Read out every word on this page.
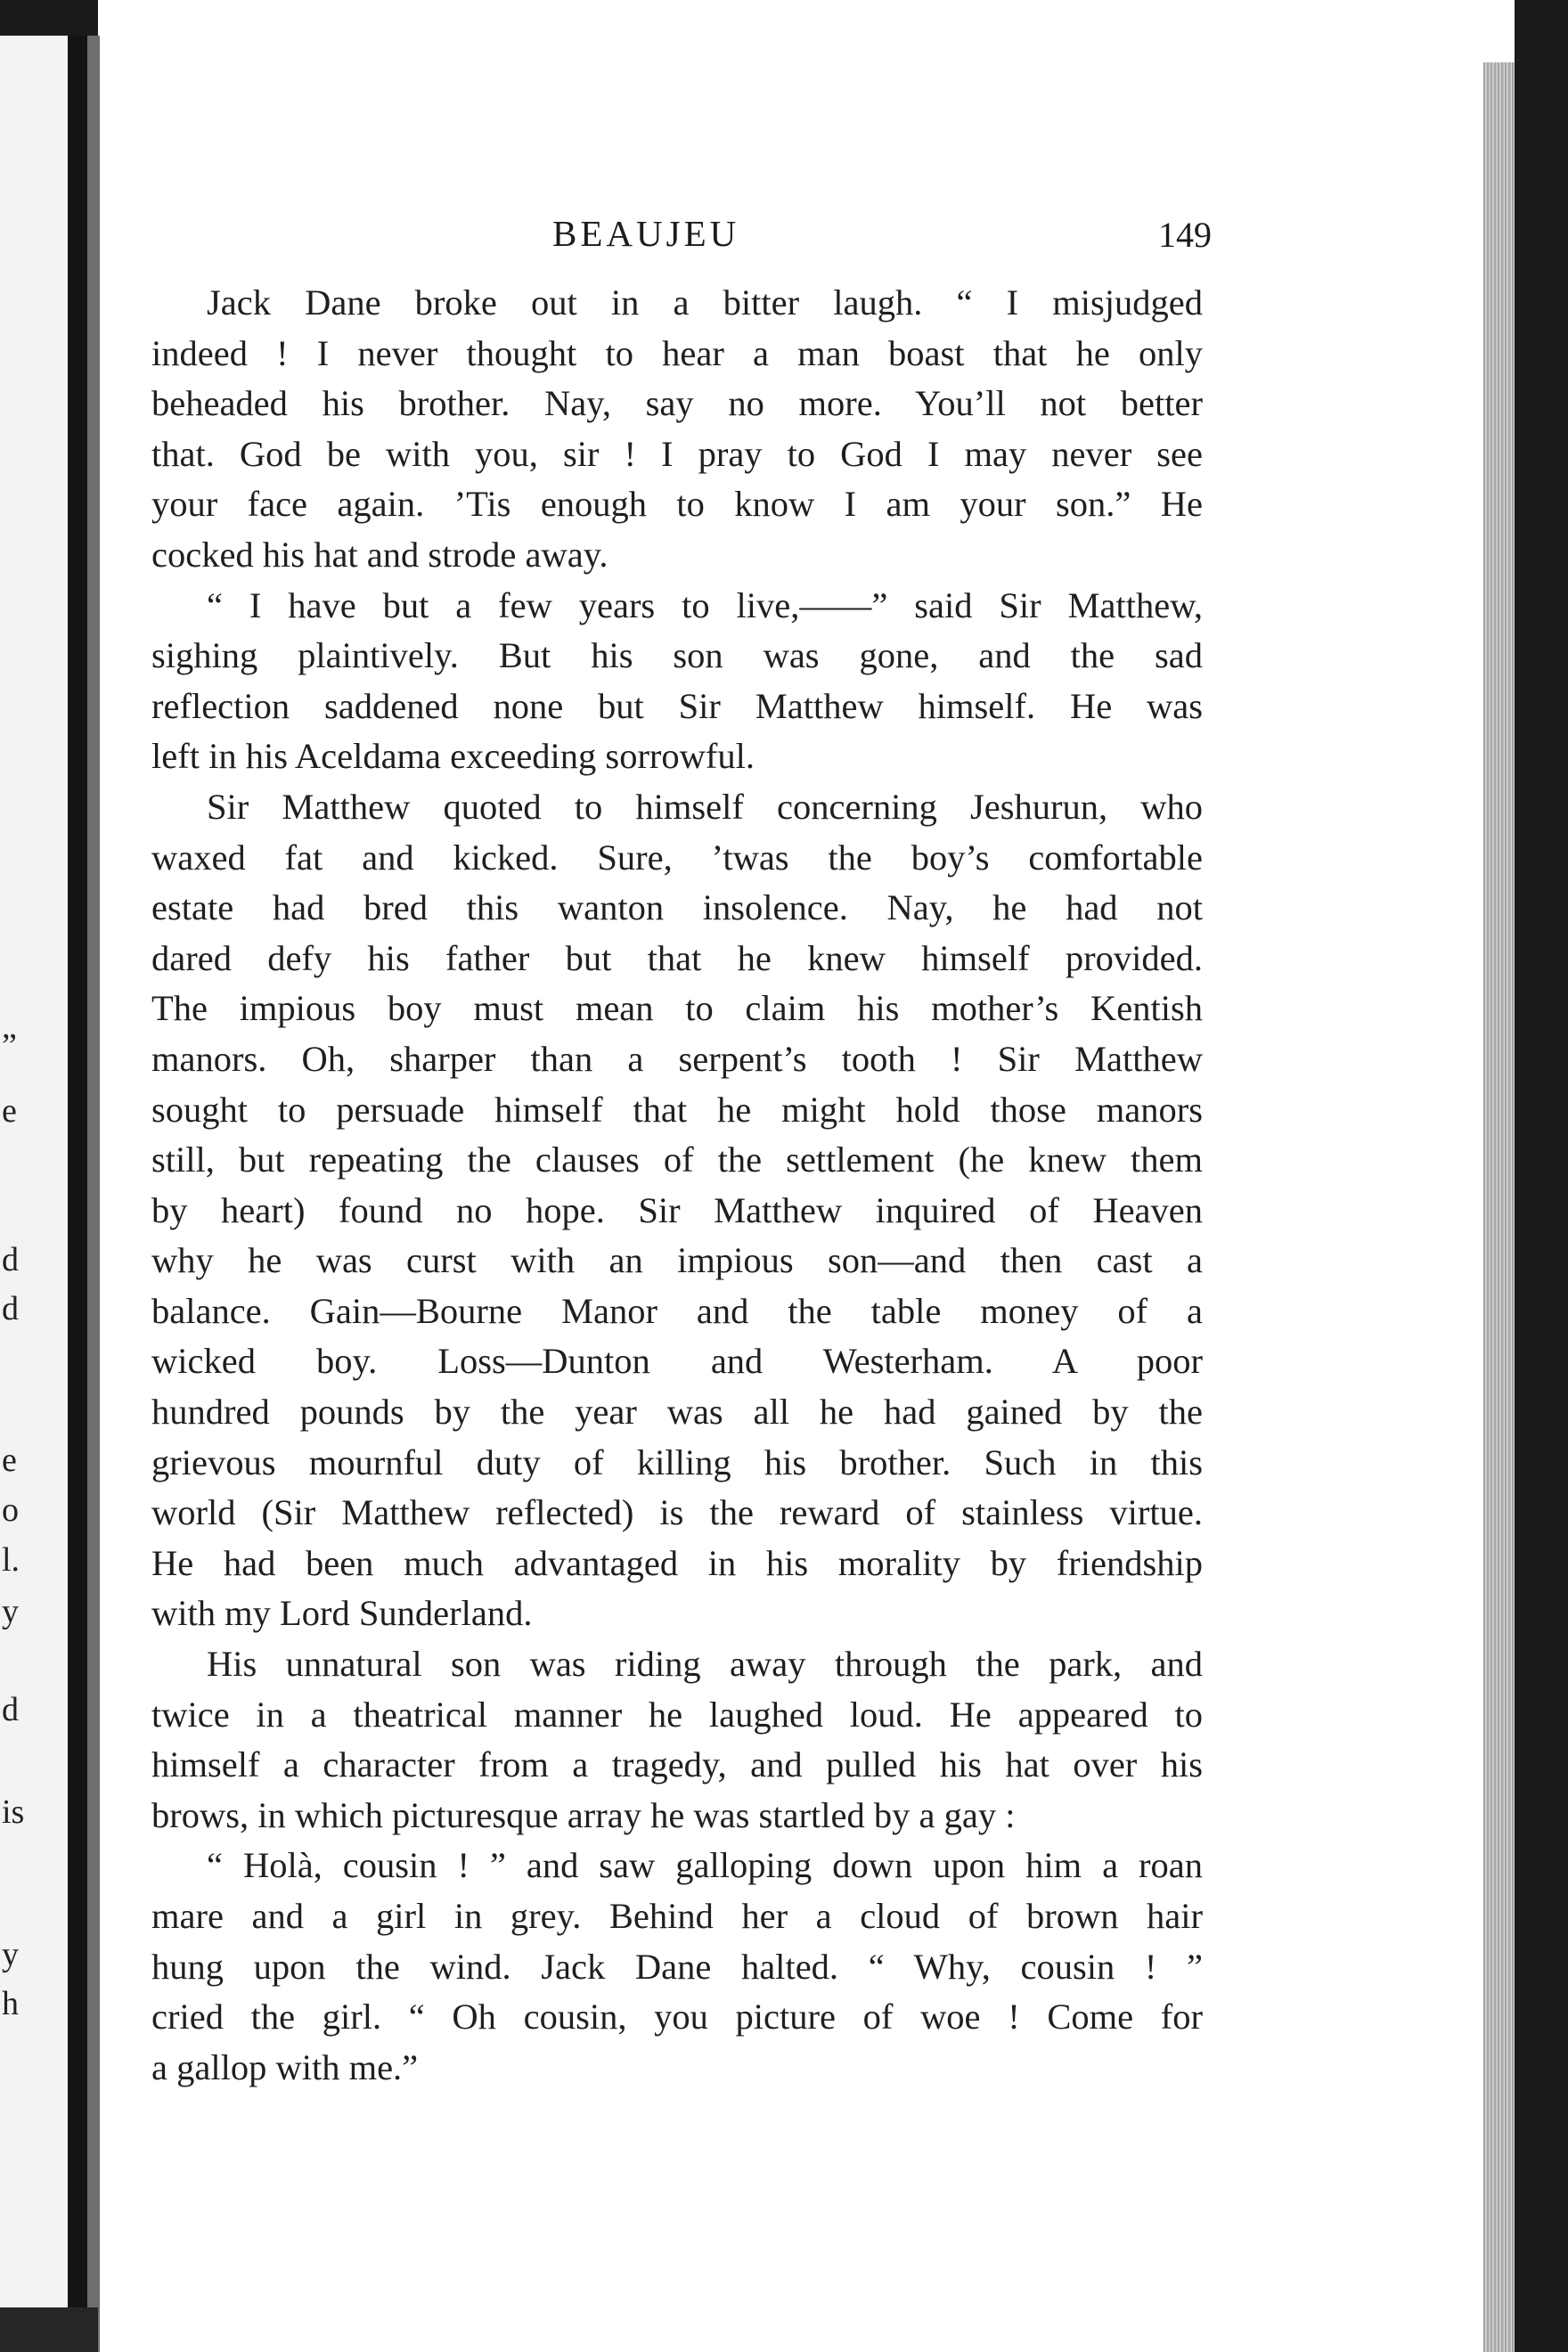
”
e
d
d
e
o
l.
y
d
is
y
h
BEAUJEU	149
Jack Dane broke out in a bitter laugh. “ I misjudged
indeed ! I never thought to hear a man boast that he only
beheaded his brother. Nay, say no more. You’ll not better
that. God be with you, sir ! I pray to God I may never see
your face again. ’Tis enough to know I am your son.” He
cocked his hat and strode away.
“ I have but a few years to live,——” said Sir Matthew,
sighing plaintively. But his son was gone, and the sad
reflection saddened none but Sir Matthew himself. He was
left in his Aceldama exceeding sorrowful.
Sir Matthew quoted to himself concerning Jeshurun, who
waxed fat and kicked. Sure, ’twas the boy’s comfortable
estate had bred this wanton insolence. Nay, he had not
dared defy his father but that he knew himself provided.
The impious boy must mean to claim his mother’s Kentish
manors. Oh, sharper than a serpent’s tooth ! Sir Matthew
sought to persuade himself that he might hold those manors
still, but repeating the clauses of the settlement (he knew them
by heart) found no hope. Sir Matthew inquired of Heaven
why he was curst with an impious son—and then cast a
balance. Gain—Bourne Manor and the table money of a
wicked boy. Loss—Dunton and Westerham. A poor
hundred pounds by the year was all he had gained by the
grievous mournful duty of killing his brother. Such in this
world (Sir Matthew reflected) is the reward of stainless virtue.
He had been much advantaged in his morality by friendship
with my Lord Sunderland.
His unnatural son was riding away through the park, and
twice in a theatrical manner he laughed loud. He appeared to
himself a character from a tragedy, and pulled his hat over his
brows, in which picturesque array he was startled by a gay :
“ Holà, cousin ! ” and saw galloping down upon him a roan
mare and a girl in grey. Behind her a cloud of brown hair
hung upon the wind. Jack Dane halted. “ Why, cousin ! ”
cried the girl. “ Oh cousin, you picture of woe ! Come for
a gallop with me.”
